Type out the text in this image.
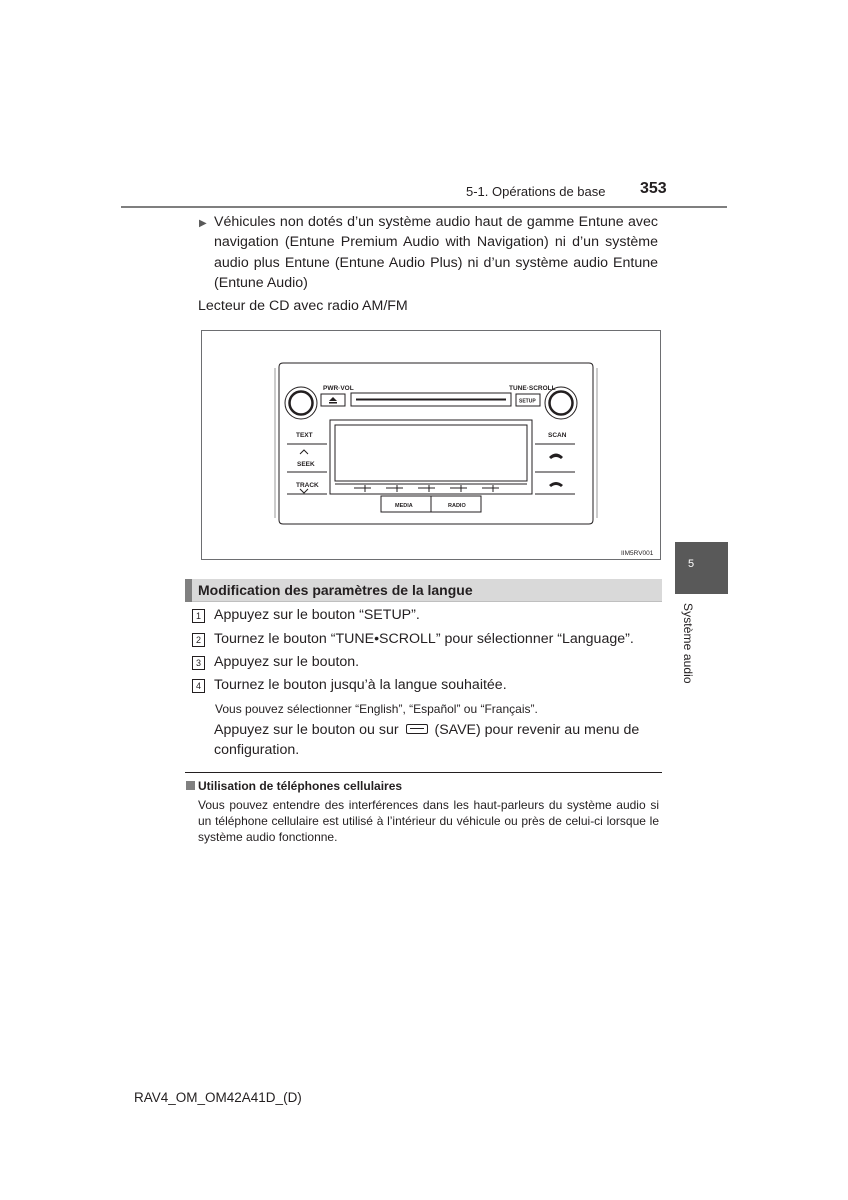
5-1. Opérations de base 353
5
Système audio
▶ Véhicules non dotés d’un système audio haut de gamme Entune avec navigation (Entune Premium Audio with Navigation) ni d’un système audio plus Entune (Entune Audio Plus) ni d’un système audio Entune (Entune Audio)
Lecteur de CD avec radio AM/FM
PWR·VOL	TUNE·SCROLL
SETUP
TEXT	SCAN
SEEK
TRACK
MEDIA	RADIO
IIM5RV001
Modification des paramètres de la langue
1 Appuyez sur le bouton “SETUP”.
2 Tournez le bouton “TUNE•SCROLL” pour sélectionner “Language”.
3 Appuyez sur le bouton.
4 Tournez le bouton jusqu’à la langue souhaitée.
Vous pouvez sélectionner “English”, “Español” ou “Français”.
Appuyez sur le bouton ou sur	(SAVE) pour revenir au menu de configuration.
Utilisation de téléphones cellulaires
Vous pouvez entendre des interférences dans les haut-parleurs du système audio si un téléphone cellulaire est utilisé à l’intérieur du véhicule ou près de celui-ci lorsque le système audio fonctionne.
RAV4_OM_OM42A41D_(D)
